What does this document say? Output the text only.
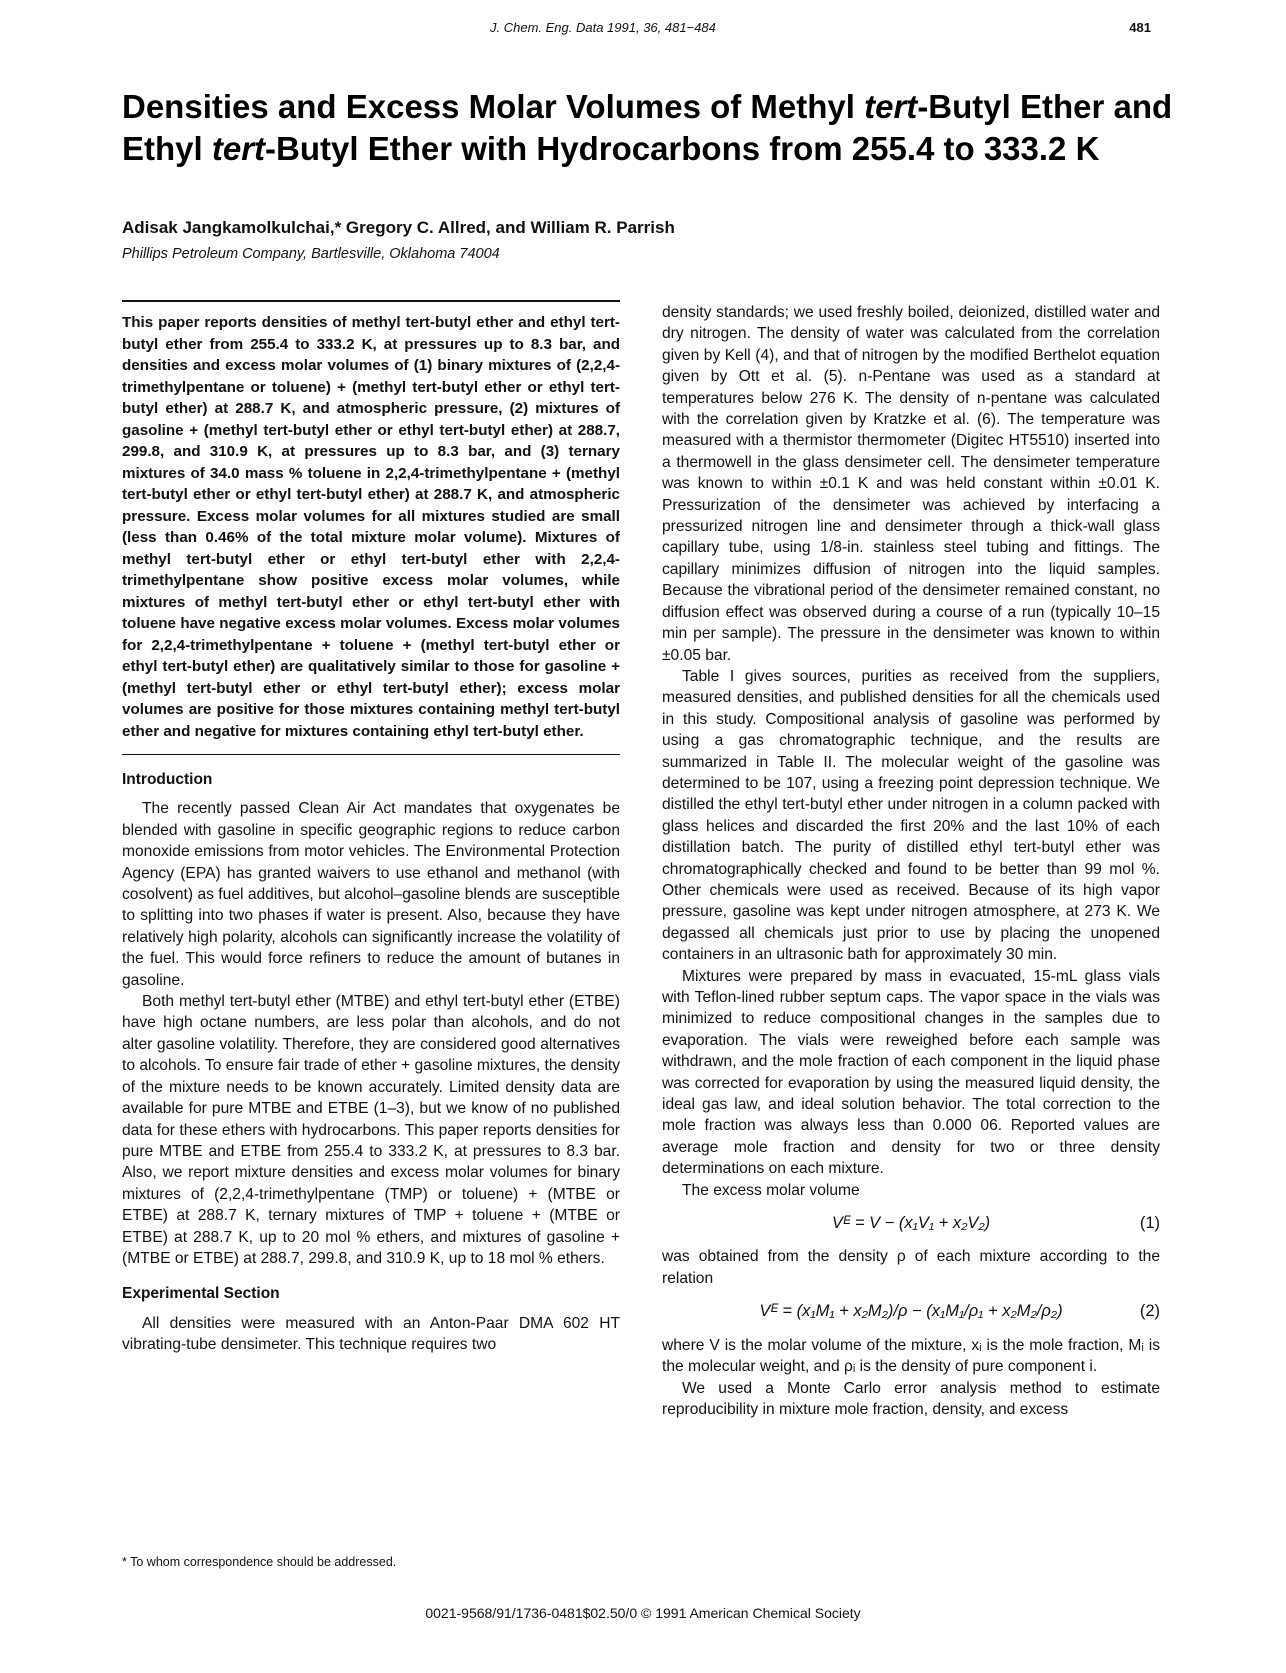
J. Chem. Eng. Data 1991, 36, 481−484	481
Densities and Excess Molar Volumes of Methyl tert-Butyl Ether and Ethyl tert-Butyl Ether with Hydrocarbons from 255.4 to 333.2 K
Adisak Jangkamolkulchai,* Gregory C. Allred, and William R. Parrish
Phillips Petroleum Company, Bartlesville, Oklahoma 74004

This paper reports densities of methyl tert-butyl ether and ethyl tert-butyl ether from 255.4 to 333.2 K, at pressures up to 8.3 bar, and densities and excess molar volumes of (1) binary mixtures of (2,2,4-trimethylpentane or toluene) + (methyl tert-butyl ether or ethyl tert-butyl ether) at 288.7 K, and atmospheric pressure, (2) mixtures of gasoline + (methyl tert-butyl ether or ethyl tert-butyl ether) at 288.7, 299.8, and 310.9 K, at pressures up to 8.3 bar, and (3) ternary mixtures of 34.0 mass % toluene in 2,2,4-trimethylpentane + (methyl tert-butyl ether or ethyl tert-butyl ether) at 288.7 K, and atmospheric pressure. Excess molar volumes for all mixtures studied are small (less than 0.46% of the total mixture molar volume). Mixtures of methyl tert-butyl ether or ethyl tert-butyl ether with 2,2,4-trimethylpentane show positive excess molar volumes, while mixtures of methyl tert-butyl ether or ethyl tert-butyl ether with toluene have negative excess molar volumes. Excess molar volumes for 2,2,4-trimethylpentane + toluene + (methyl tert-butyl ether or ethyl tert-butyl ether) are qualitatively similar to those for gasoline + (methyl tert-butyl ether or ethyl tert-butyl ether); excess molar volumes are positive for those mixtures containing methyl tert-butyl ether and negative for mixtures containing ethyl tert-butyl ether.

Introduction

The recently passed Clean Air Act mandates that oxygenates be blended with gasoline in specific geographic regions to reduce carbon monoxide emissions from motor vehicles. The Environmental Protection Agency (EPA) has granted waivers to use ethanol and methanol (with cosolvent) as fuel additives, but alcohol–gasoline blends are susceptible to splitting into two phases if water is present. Also, because they have relatively high polarity, alcohols can significantly increase the volatility of the fuel. This would force refiners to reduce the amount of butanes in gasoline.

Both methyl tert-butyl ether (MTBE) and ethyl tert-butyl ether (ETBE) have high octane numbers, are less polar than alcohols, and do not alter gasoline volatility. Therefore, they are considered good alternatives to alcohols. To ensure fair trade of ether + gasoline mixtures, the density of the mixture needs to be known accurately. Limited density data are available for pure MTBE and ETBE (1–3), but we know of no published data for these ethers with hydrocarbons. This paper reports densities for pure MTBE and ETBE from 255.4 to 333.2 K, at pressures to 8.3 bar. Also, we report mixture densities and excess molar volumes for binary mixtures of (2,2,4-trimethylpentane (TMP) or toluene) + (MTBE or ETBE) at 288.7 K, ternary mixtures of TMP + toluene + (MTBE or ETBE) at 288.7 K, up to 20 mol % ethers, and mixtures of gasoline + (MTBE or ETBE) at 288.7, 299.8, and 310.9 K, up to 18 mol % ethers.

Experimental Section

All densities were measured with an Anton-Paar DMA 602 HT vibrating-tube densimeter. This technique requires two

density standards; we used freshly boiled, deionized, distilled water and dry nitrogen. The density of water was calculated from the correlation given by Kell (4), and that of nitrogen by the modified Berthelot equation given by Ott et al. (5). n-Pentane was used as a standard at temperatures below 276 K. The density of n-pentane was calculated with the correlation given by Kratzke et al. (6). The temperature was measured with a thermistor thermometer (Digitec HT5510) inserted into a thermowell in the glass densimeter cell. The densimeter temperature was known to within ±0.1 K and was held constant within ±0.01 K. Pressurization of the densimeter was achieved by interfacing a pressurized nitrogen line and densimeter through a thick-wall glass capillary tube, using 1/8-in. stainless steel tubing and fittings. The capillary minimizes diffusion of nitrogen into the liquid samples. Because the vibrational period of the densimeter remained constant, no diffusion effect was observed during a course of a run (typically 10–15 min per sample). The pressure in the densimeter was known to within ±0.05 bar.

Table I gives sources, purities as received from the suppliers, measured densities, and published densities for all the chemicals used in this study. Compositional analysis of gasoline was performed by using a gas chromatographic technique, and the results are summarized in Table II. The molecular weight of the gasoline was determined to be 107, using a freezing point depression technique. We distilled the ethyl tert-butyl ether under nitrogen in a column packed with glass helices and discarded the first 20% and the last 10% of each distillation batch. The purity of distilled ethyl tert-butyl ether was chromatographically checked and found to be better than 99 mol %. Other chemicals were used as received. Because of its high vapor pressure, gasoline was kept under nitrogen atmosphere, at 273 K. We degassed all chemicals just prior to use by placing the unopened containers in an ultrasonic bath for approximately 30 min.

Mixtures were prepared by mass in evacuated, 15-mL glass vials with Teflon-lined rubber septum caps. The vapor space in the vials was minimized to reduce compositional changes in the samples due to evaporation. The vials were reweighed before each sample was withdrawn, and the mole fraction of each component in the liquid phase was corrected for evaporation by using the measured liquid density, the ideal gas law, and ideal solution behavior. The total correction to the mole fraction was always less than 0.000 06. Reported values are average mole fraction and density for two or three density determinations on each mixture.

The excess molar volume

Vᴱ = V − (x₁V₁ + x₂V₂)	(1)

was obtained from the density ρ of each mixture according to the relation

Vᴱ = (x₁M₁ + x₂M₂)/ρ − (x₁M₁/ρ₁ + x₂M₂/ρ₂)	(2)

where V is the molar volume of the mixture, xᵢ is the mole fraction, Mᵢ is the molecular weight, and ρᵢ is the density of pure component i.

We used a Monte Carlo error analysis method to estimate reproducibility in mixture mole fraction, density, and excess

* To whom correspondence should be addressed.
0021-9568/91/1736-0481$02.50/0 © 1991 American Chemical Society
